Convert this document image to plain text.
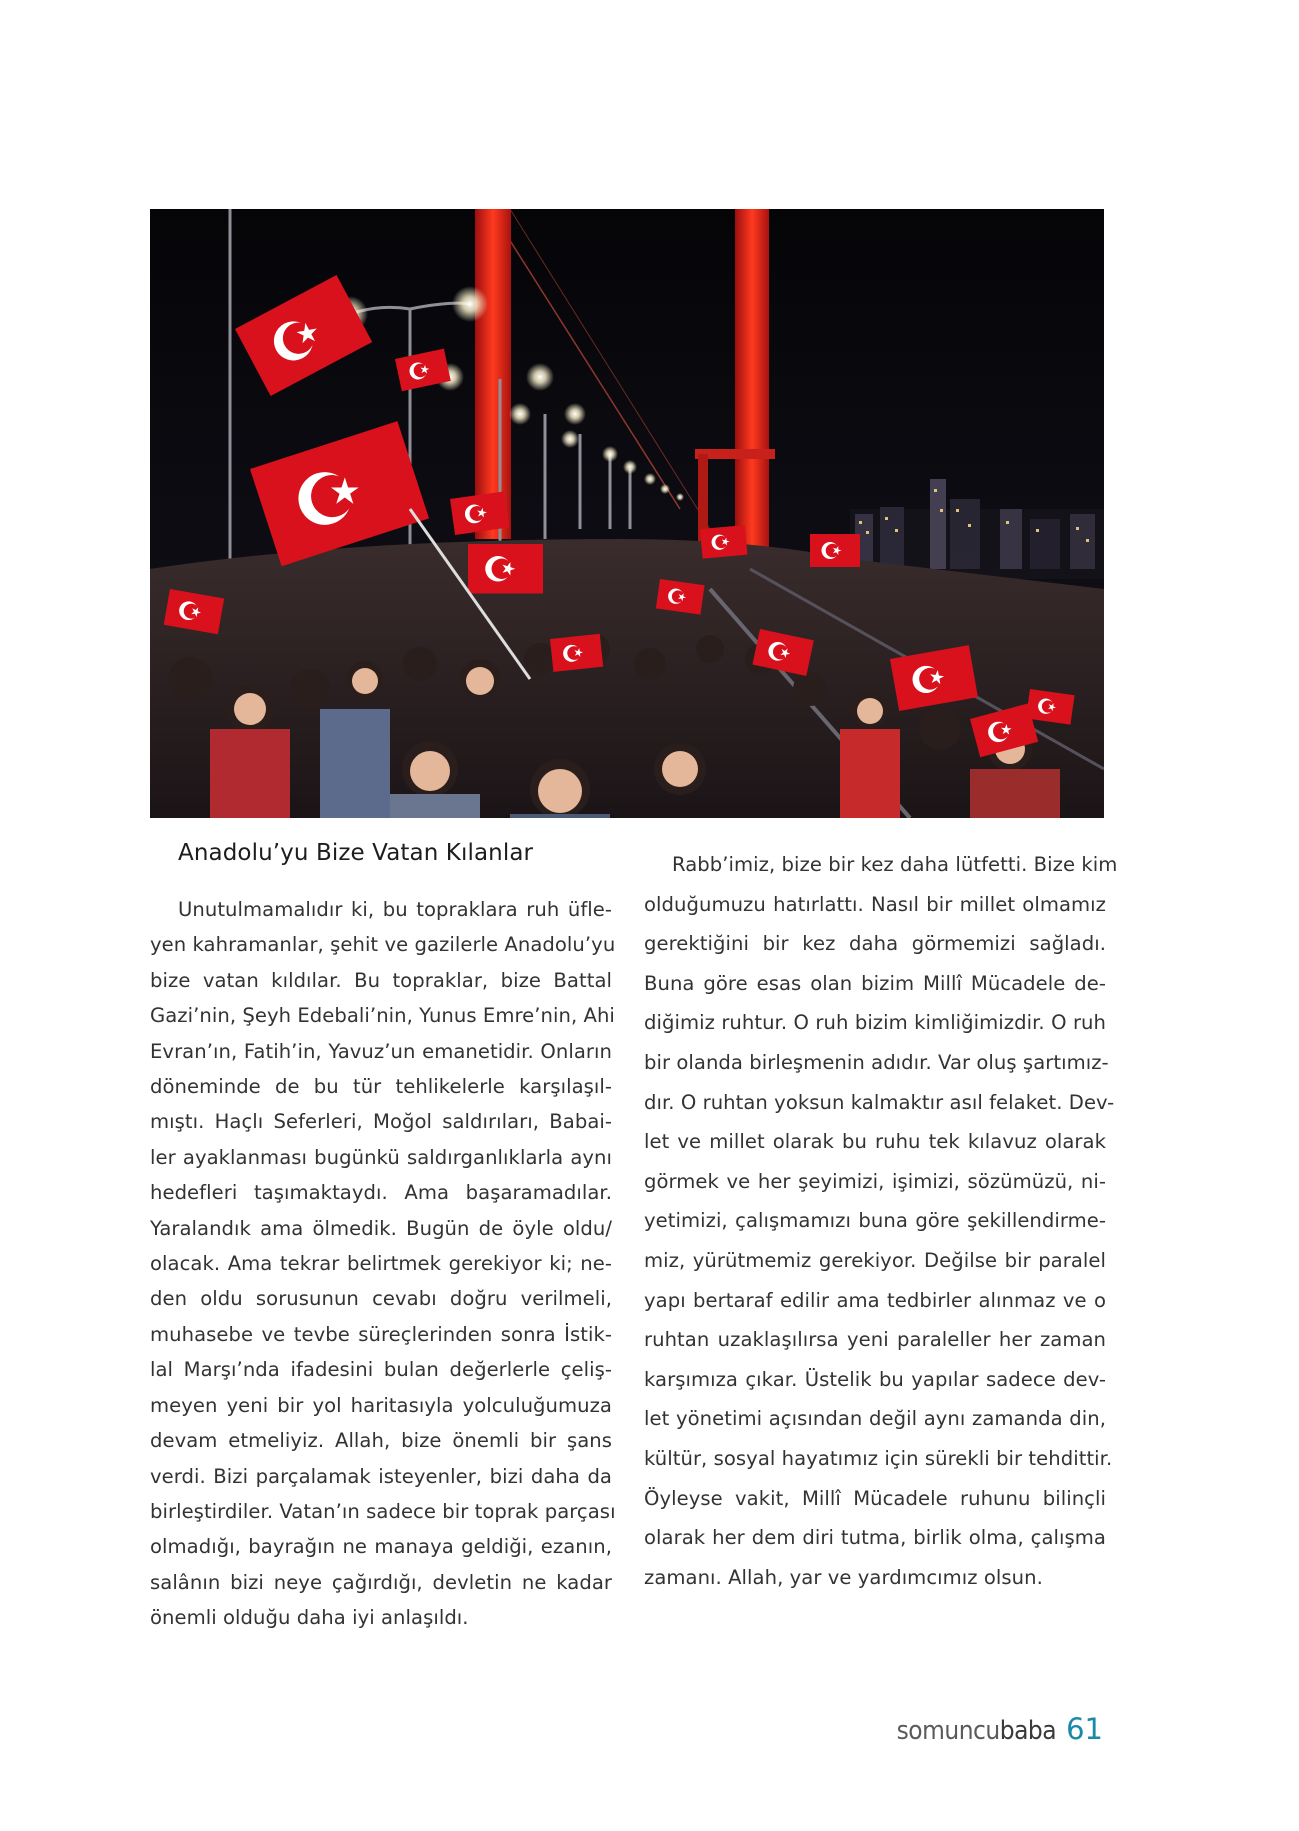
Anadolu’yu Bize Vatan Kılanlar

Unutulmamalıdır ki, bu topraklara ruh üfle-
yen kahramanlar, şehit ve gazilerle Anadolu’yu
bize vatan kıldılar. Bu topraklar, bize Battal
Gazi’nin, Şeyh Edebali’nin, Yunus Emre’nin, Ahi
Evran’ın, Fatih’in, Yavuz’un emanetidir. Onların
döneminde de bu tür tehlikelerle karşılaşıl-
mıştı. Haçlı Seferleri, Moğol saldırıları, Babai-
ler ayaklanması bugünkü saldırganlıklarla aynı
hedefleri taşımaktaydı. Ama başaramadılar.
Yaralandık ama ölmedik. Bugün de öyle oldu/
olacak. Ama tekrar belirtmek gerekiyor ki; ne-
den oldu sorusunun cevabı doğru verilmeli,
muhasebe ve tevbe süreçlerinden sonra İstik-
lal Marşı’nda ifadesini bulan değerlerle çeliş-
meyen yeni bir yol haritasıyla yolculuğumuza
devam etmeliyiz. Allah, bize önemli bir şans
verdi. Bizi parçalamak isteyenler, bizi daha da
birleştirdiler. Vatan’ın sadece bir toprak parçası
olmadığı, bayrağın ne manaya geldiği, ezanın,
salânın bizi neye çağırdığı, devletin ne kadar
önemli olduğu daha iyi anlaşıldı.

Rabb’imiz, bize bir kez daha lütfetti. Bize kim
olduğumuzu hatırlattı. Nasıl bir millet olmamız
gerektiğini bir kez daha görmemizi sağladı.
Buna göre esas olan bizim Millî Mücadele de-
diğimiz ruhtur. O ruh bizim kimliğimizdir. O ruh
bir olanda birleşmenin adıdır. Var oluş şartımız-
dır. O ruhtan yoksun kalmaktır asıl felaket. Dev-
let ve millet olarak bu ruhu tek kılavuz olarak
görmek ve her şeyimizi, işimizi, sözümüzü, ni-
yetimizi, çalışmamızı buna göre şekillendirme-
miz, yürütmemiz gerekiyor. Değilse bir paralel
yapı bertaraf edilir ama tedbirler alınmaz ve o
ruhtan uzaklaşılırsa yeni paraleller her zaman
karşımıza çıkar. Üstelik bu yapılar sadece dev-
let yönetimi açısından değil aynı zamanda din,
kültür, sosyal hayatımız için sürekli bir tehdittir.
Öyleyse vakit, Millî Mücadele ruhunu bilinçli
olarak her dem diri tutma, birlik olma, çalışma
zamanı. Allah, yar ve yardımcımız olsun.

somuncubaba 61
